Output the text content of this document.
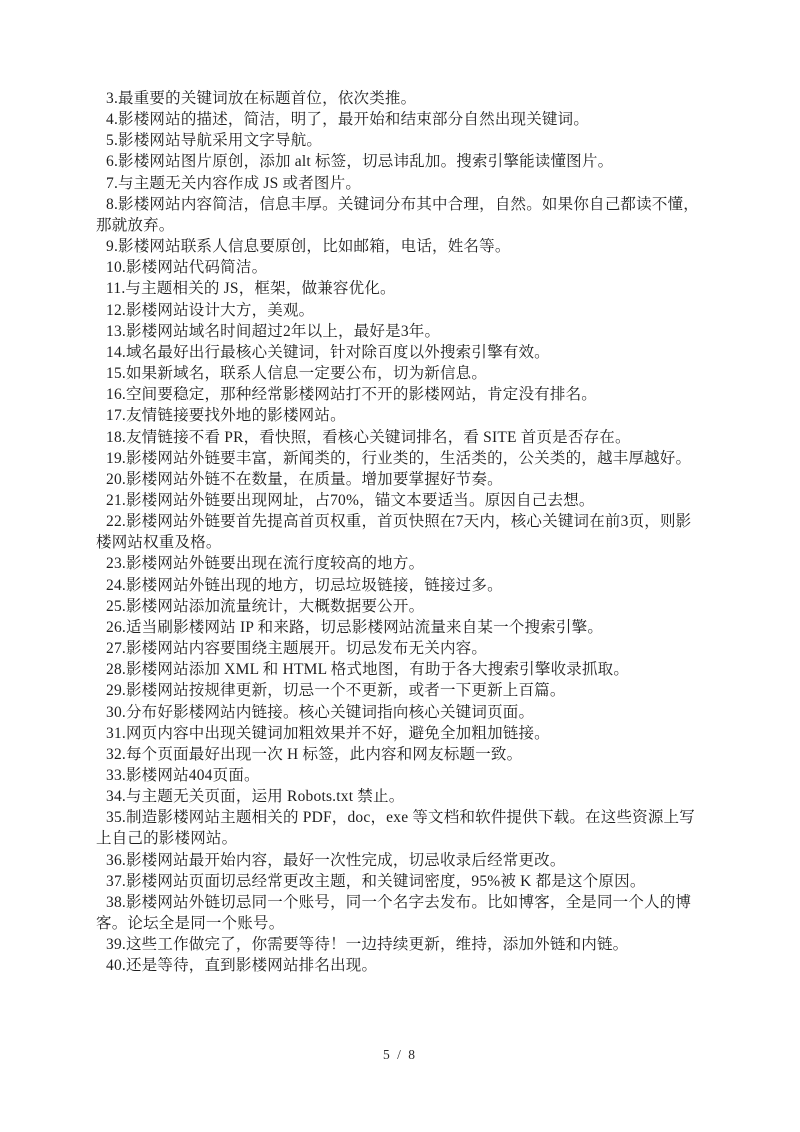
3.最重要的关键词放在标题首位，依次类推。

4.影楼网站的描述，简洁，明了，最开始和结束部分自然出现关键词。

5.影楼网站导航采用文字导航。

6.影楼网站图片原创，添加 alt 标签，切忌讳乱加。搜索引擎能读懂图片。

7.与主题无关内容作成 JS 或者图片。

8.影楼网站内容简洁，信息丰厚。关键词分布其中合理，自然。如果你自己都读不懂，那就放弃。

9.影楼网站联系人信息要原创，比如邮箱，电话，姓名等。

10.影楼网站代码简洁。

11.与主题相关的 JS，框架，做兼容优化。

12.影楼网站设计大方，美观。

13.影楼网站域名时间超过2年以上，最好是3年。

14.域名最好出行最核心关键词，针对除百度以外搜索引擎有效。

15.如果新域名，联系人信息一定要公布，切为新信息。

16.空间要稳定，那种经常影楼网站打不开的影楼网站，肯定没有排名。

17.友情链接要找外地的影楼网站。

18.友情链接不看 PR，看快照，看核心关键词排名，看 SITE 首页是否存在。

19.影楼网站外链要丰富，新闻类的，行业类的，生活类的，公关类的，越丰厚越好。

20.影楼网站外链不在数量，在质量。增加要掌握好节奏。

21.影楼网站外链要出现网址，占70%，锚文本要适当。原因自己去想。

22.影楼网站外链要首先提高首页权重，首页快照在7天内，核心关键词在前3页，则影楼网站权重及格。

23.影楼网站外链要出现在流行度较高的地方。

24.影楼网站外链出现的地方，切忌垃圾链接，链接过多。

25.影楼网站添加流量统计，大概数据要公开。

26.适当刷影楼网站 IP 和来路，切忌影楼网站流量来自某一个搜索引擎。

27.影楼网站内容要围绕主题展开。切忌发布无关内容。

28.影楼网站添加 XML 和 HTML 格式地图，有助于各大搜索引擎收录抓取。

29.影楼网站按规律更新，切忌一个不更新，或者一下更新上百篇。

30.分布好影楼网站内链接。核心关键词指向核心关键词页面。

31.网页内容中出现关键词加粗效果并不好，避免全加粗加链接。

32.每个页面最好出现一次 H 标签，此内容和网友标题一致。

33.影楼网站404页面。

34.与主题无关页面，运用 Robots.txt 禁止。

35.制造影楼网站主题相关的 PDF，doc，exe 等文档和软件提供下载。在这些资源上写上自己的影楼网站。

36.影楼网站最开始内容，最好一次性完成，切忌收录后经常更改。

37.影楼网站页面切忌经常更改主题，和关键词密度，95%被 K 都是这个原因。

38.影楼网站外链切忌同一个账号，同一个名字去发布。比如博客，全是同一个人的博客。论坛全是同一个账号。

39.这些工作做完了，你需要等待！一边持续更新，维持，添加外链和内链。

40.还是等待，直到影楼网站排名出现。

5 / 8
